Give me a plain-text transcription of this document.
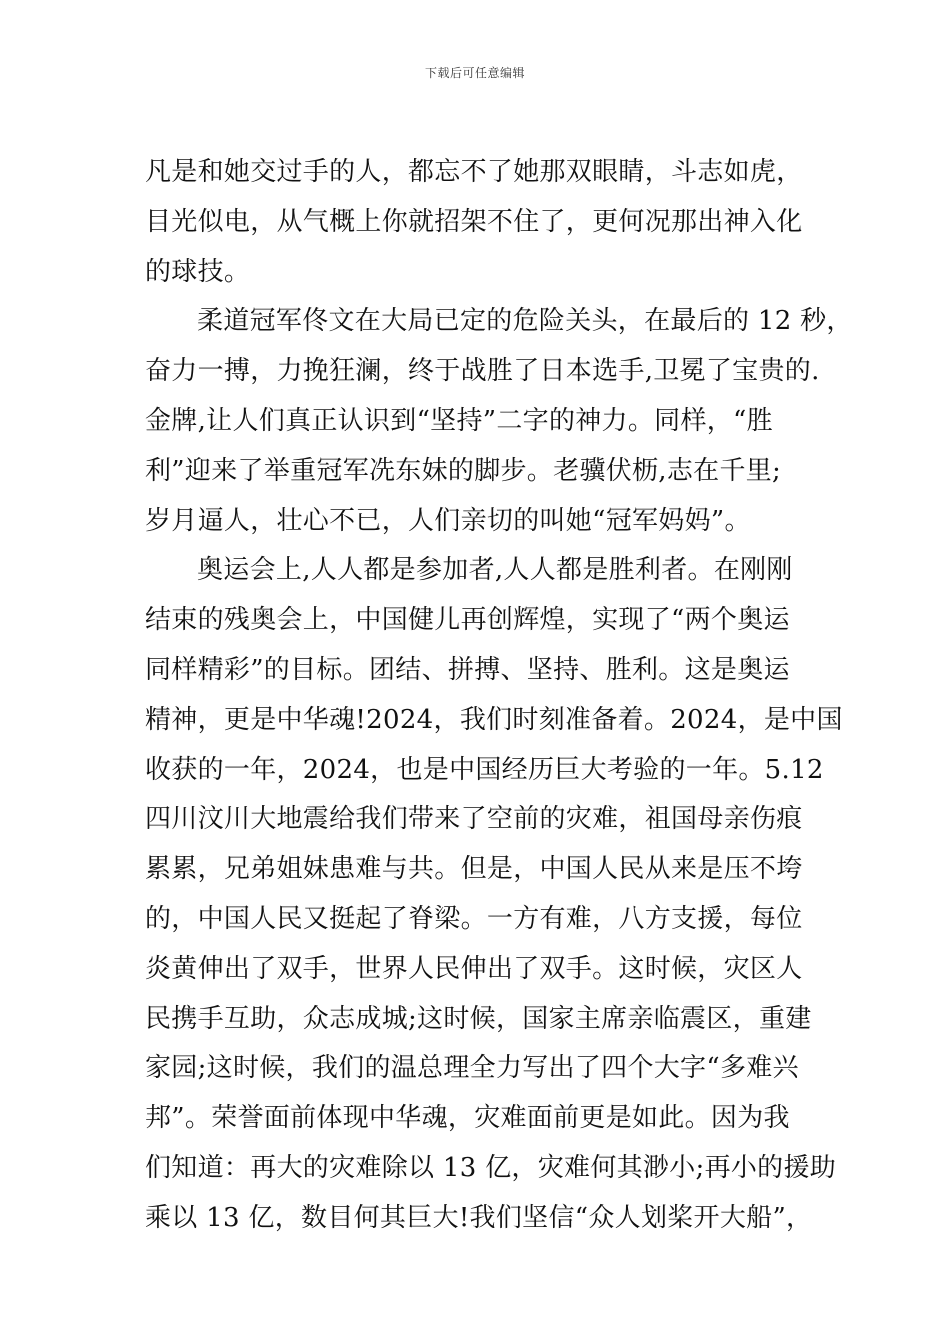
下载后可任意编辑
凡是和她交过手的人，都忘不了她那双眼睛，斗志如虎，
目光似电，从气概上你就招架不住了，更何况那出神入化
的球技。
柔道冠军佟文在大局已定的危险关头，在最后的 12 秒，
奋力一搏，力挽狂澜，终于战胜了日本选手,卫冕了宝贵的.
金牌,让人们真正认识到“坚持”二字的神力。同样，“胜
利”迎来了举重冠军冼东妹的脚步。老骥伏枥,志在千里;
岁月逼人，壮心不已，人们亲切的叫她“冠军妈妈”。
奥运会上,人人都是参加者,人人都是胜利者。在刚刚
结束的残奥会上，中国健儿再创辉煌，实现了“两个奥运
同样精彩”的目标。团结、拼搏、坚持、胜利。这是奥运
精神，更是中华魂!2024，我们时刻准备着。2024，是中国
收获的一年，2024，也是中国经历巨大考验的一年。5.12
四川汶川大地震给我们带来了空前的灾难，祖国母亲伤痕
累累，兄弟姐妹患难与共。但是，中国人民从来是压不垮
的，中国人民又挺起了脊梁。一方有难，八方支援，每位
炎黄伸出了双手，世界人民伸出了双手。这时候，灾区人
民携手互助，众志成城;这时候，国家主席亲临震区，重建
家园;这时候，我们的温总理全力写出了四个大字“多难兴
邦”。荣誉面前体现中华魂，灾难面前更是如此。因为我
们知道：再大的灾难除以 13 亿，灾难何其渺小;再小的援助
乘以 13 亿，数目何其巨大!我们坚信“众人划桨开大船”，
